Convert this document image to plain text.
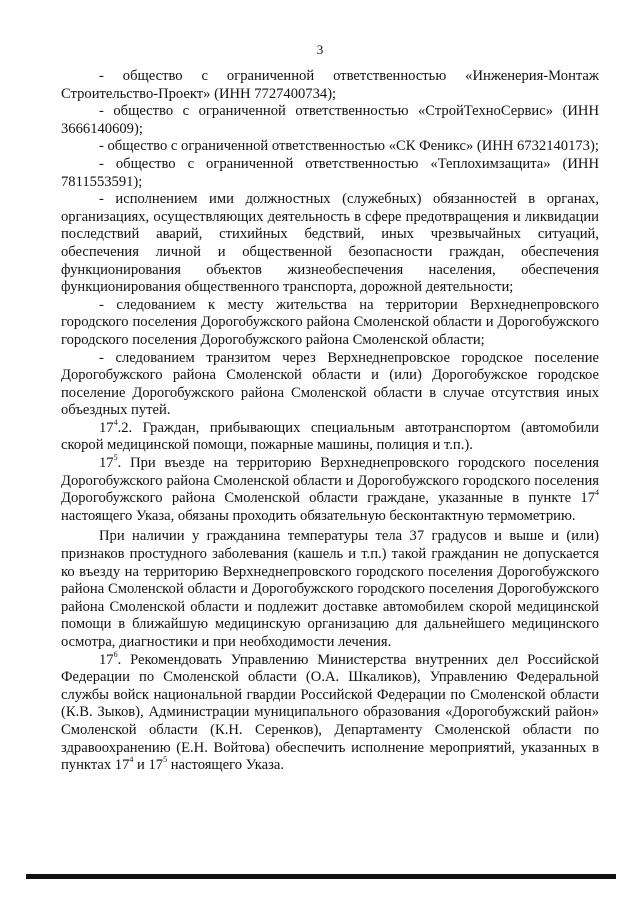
3

- общество с ограниченной ответственностью «Инженерия-Монтаж Строительство-Проект» (ИНН 7727400734);

- общество с ограниченной ответственностью «СтройТехноСервис» (ИНН 3666140609);

- общество с ограниченной ответственностью «СК Феникс» (ИНН 6732140173);

- общество с ограниченной ответственностью «Теплохимзащита» (ИНН 7811553591);

- исполнением ими должностных (служебных) обязанностей в органах, организациях, осуществляющих деятельность в сфере предотвращения и ликвидации последствий аварий, стихийных бедствий, иных чрезвычайных ситуаций, обеспечения личной и общественной безопасности граждан, обеспечения функционирования объектов жизнеобеспечения населения, обеспечения функционирования общественного транспорта, дорожной деятельности;

- следованием к месту жительства на территории Верхнеднепровского городского поселения Дорогобужского района Смоленской области и Дорогобужского городского поселения Дорогобужского района Смоленской области;

- следованием транзитом через Верхнеднепровское городское поселение Дорогобужского района Смоленской области и (или) Дорогобужское городское поселение Дорогобужского района Смоленской области в случае отсутствия иных объездных путей.

$17^4.2$. Граждан, прибывающих специальным автотранспортом (автомобили скорой медицинской помощи, пожарные машины, полиция и т.п.).

$17^5$. При въезде на территорию Верхнеднепровского городского поселения Дорогобужского района Смоленской области и Дорогобужского городского поселения Дорогобужского района Смоленской области граждане, указанные в пункте $17^4$ настоящего Указа, обязаны проходить обязательную бесконтактную термометрию.

При наличии у гражданина температуры тела 37 градусов и выше и (или) признаков простудного заболевания (кашель и т.п.) такой гражданин не допускается ко въезду на территорию Верхнеднепровского городского поселения Дорогобужского района Смоленской области и Дорогобужского городского поселения Дорогобужского района Смоленской области и подлежит доставке автомобилем скорой медицинской помощи в ближайшую медицинскую организацию для дальнейшего медицинского осмотра, диагностики и при необходимости лечения.

$17^6$. Рекомендовать Управлению Министерства внутренних дел Российской Федерации по Смоленской области (О.А. Шкаликов), Управлению Федеральной службы войск национальной гвардии Российской Федерации по Смоленской области (К.В. Зыков), Администрации муниципального образования «Дорогобужский район» Смоленской области (К.Н. Серенков), Департаменту Смоленской области по здравоохранению (Е.Н. Войтова) обеспечить исполнение мероприятий, указанных в пунктах $17^4$ и $17^5$ настоящего Указа.
